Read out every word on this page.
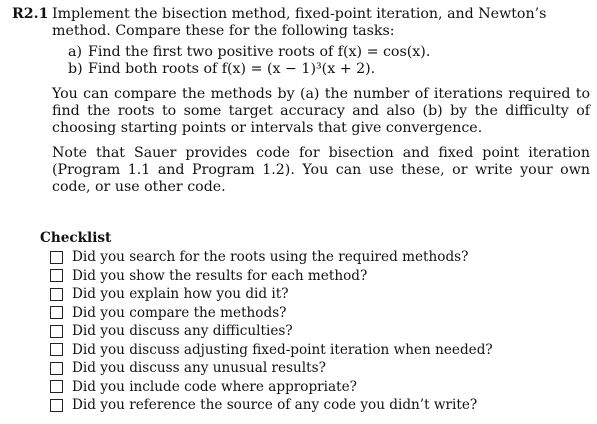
R2.1 Implement the bisection method, fixed-point iteration, and Newton’s
method. Compare these for the following tasks:
a) Find the first two positive roots of f(x) = cos(x).
b) Find both roots of f(x) = (x − 1)³(x + 2).
You can compare the methods by (a) the number of iterations required to find the roots to some target accuracy and also (b) by the difficulty of choosing starting points or intervals that give convergence.
Note that Sauer provides code for bisection and fixed point iteration (Program 1.1 and Program 1.2). You can use these, or write your own code, or use other code.
Checklist
Did you search for the roots using the required methods?
Did you show the results for each method?
Did you explain how you did it?
Did you compare the methods?
Did you discuss any difficulties?
Did you discuss adjusting fixed-point iteration when needed?
Did you discuss any unusual results?
Did you include code where appropriate?
Did you reference the source of any code you didn’t write?
